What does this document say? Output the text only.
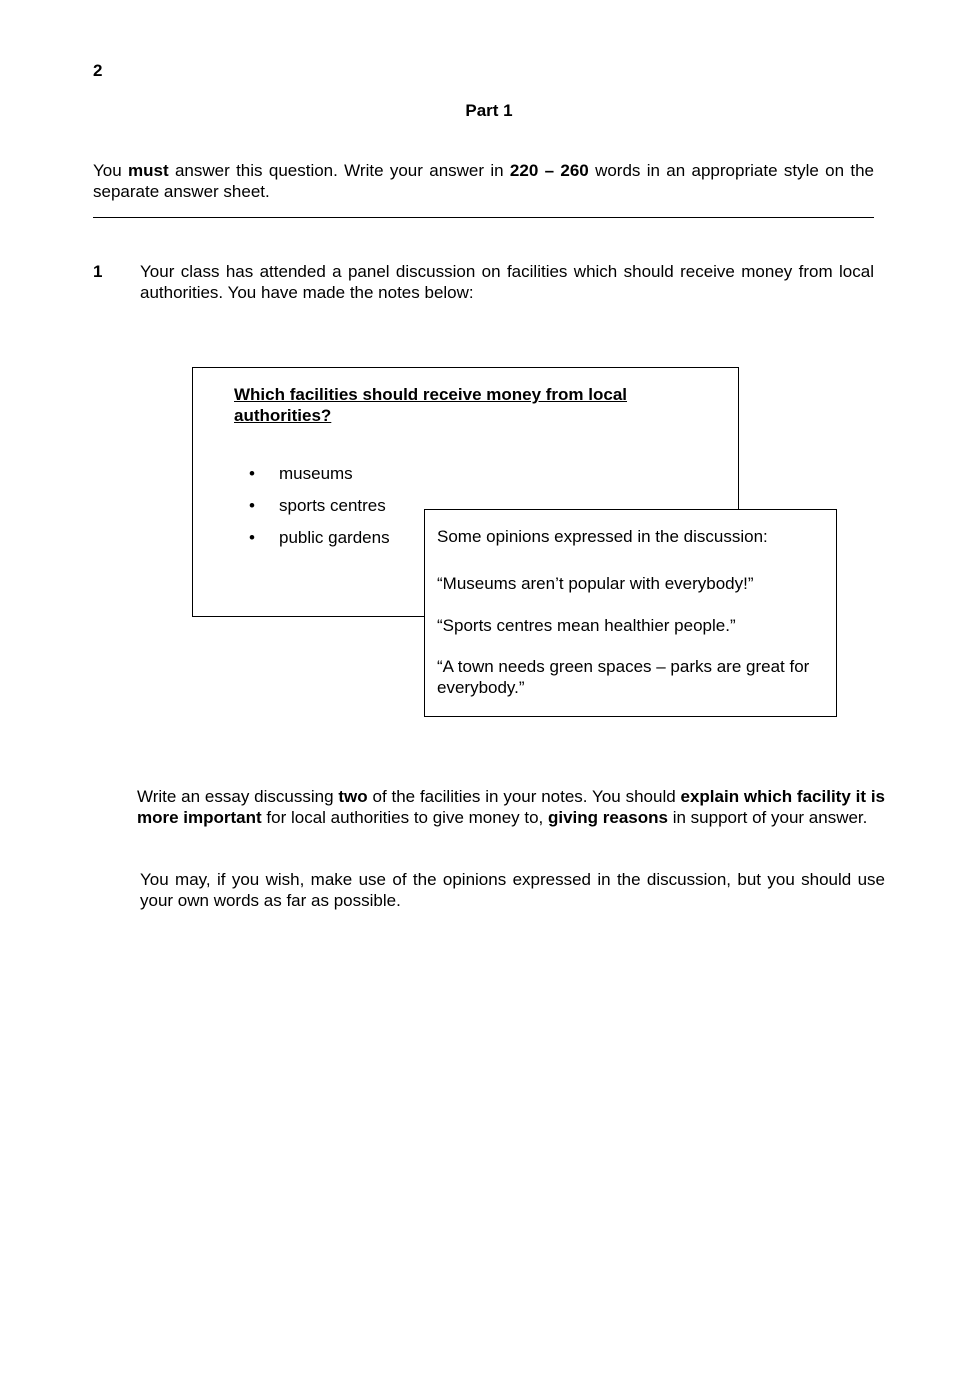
2
Part 1

You must answer this question. Write your answer in 220 – 260 words in an appropriate style on the separate answer sheet.

1 Your class has attended a panel discussion on facilities which should receive money from local authorities. You have made the notes below:

Which facilities should receive money from local authorities?

• museums
• sports centres
• public gardens	Some opinions expressed in the discussion:

“Museums aren’t popular with everybody!”

“Sports centres mean healthier people.”

“A town needs green spaces – parks are great for everybody.”

Write an essay discussing two of the facilities in your notes. You should explain which facility it is more important for local authorities to give money to, giving reasons in support of your answer.

You may, if you wish, make use of the opinions expressed in the discussion, but you should use your own words as far as possible.
